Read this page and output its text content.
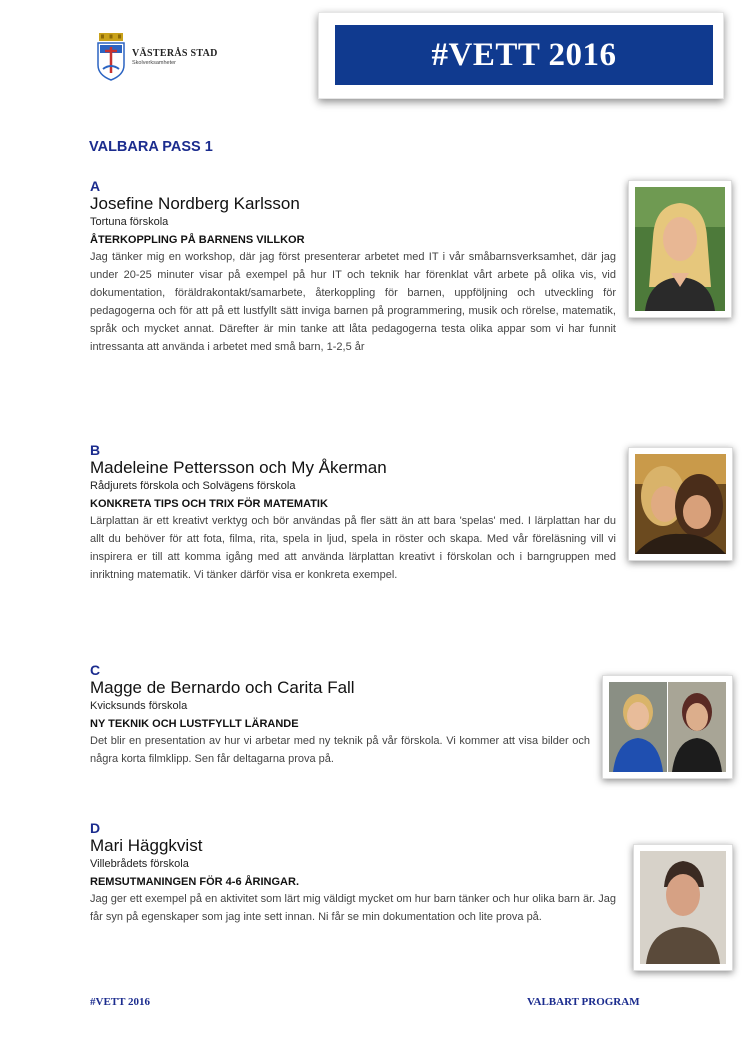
VÄSTERÅS STAD
Skolverksamheter	#VETT 2016
VALBARA PASS 1
A
Josefine Nordberg Karlsson
Tortuna förskola
ÅTERKOPPLING PÅ BARNENS VILLKOR
Jag tänker mig en workshop, där jag först presenterar arbetet med IT i vår småbarnsverksamhet, där jag under 20-25 minuter visar på exempel på hur IT och teknik har förenklat vårt arbete på olika vis, vid dokumentation, föräldrakontakt/samarbete, återkoppling för barnen, uppföljning och utveckling för pedagogerna och för att på ett lustfyllt sätt inviga barnen på programmering, musik och rörelse, matematik, språk och mycket annat. Därefter är min tanke att låta pedagogerna testa olika appar som vi har funnit intressanta att använda i arbetet med små barn, 1-2,5 år
B
Madeleine Pettersson och My Åkerman
Rådjurets förskola och Solvägens förskola
KONKRETA TIPS OCH TRIX FÖR MATEMATIK
Lärplattan är ett kreativt verktyg och bör användas på fler sätt än att bara 'spelas' med. I lärplattan har du allt du behöver för att fota, filma, rita, spela in ljud, spela in röster och skapa. Med vår föreläsning vill vi inspirera er till att komma igång med att använda lärplattan kreativt i förskolan och i barngruppen med inriktning matematik. Vi tänker därför visa er konkreta exempel.
C
Magge de Bernardo och Carita Fall
Kvicksunds förskola
NY TEKNIK OCH LUSTFYLLT LÄRANDE
Det blir en presentation av hur vi arbetar med ny teknik på vår förskola. Vi kommer att visa bilder och några korta filmklipp. Sen får deltagarna prova på.
D
Mari Häggkvist
Villebrådets förskola
REMSUTMANINGEN FÖR 4-6 ÅRINGAR.
Jag ger ett exempel på en aktivitet som lärt mig väldigt mycket om hur barn tänker och hur olika barn är. Jag får syn på egenskaper som jag inte sett innan. Ni får se min dokumentation och lite prova på.
#VETT 2016	VALBART PROGRAM
